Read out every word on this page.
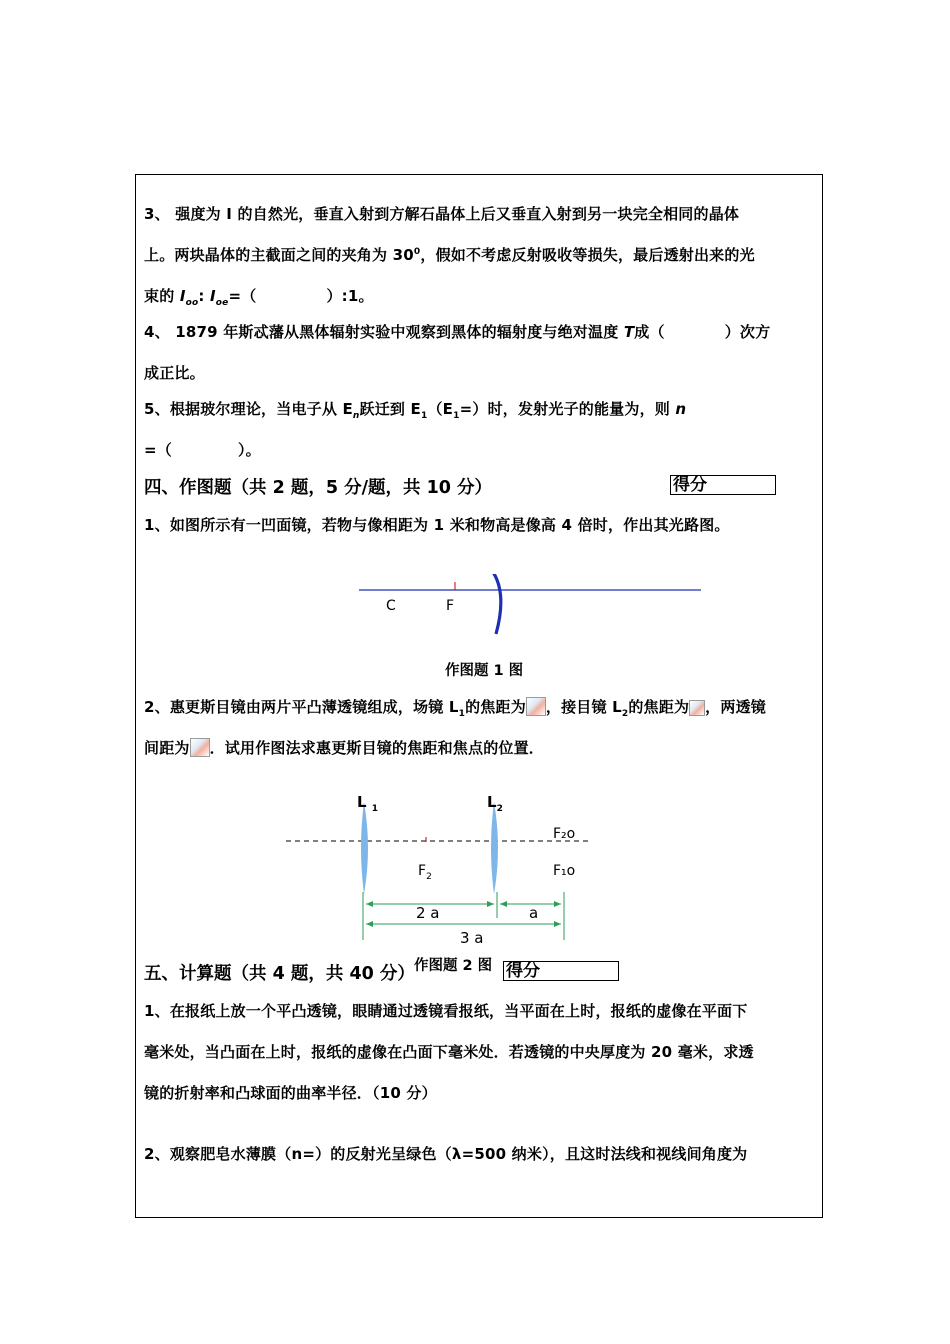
3、 强度为 I 的自然光，垂直入射到方解石晶体上后又垂直入射到另一块完全相同的晶体
上。两块晶体的主截面之间的夹角为 $30^0$，假如不考虑反射吸收等损失，最后透射出来的光
束的 $I_{oo}$: $I_{oe}=$（	）:1。
4、 1879 年斯忒藩从黑体辐射实验中观察到黑体的辐射度与绝对温度 T成（	）次方
成正比。
5、根据玻尔理论，当电子从 $E_n$跃迁到 $E_1(E_1=)$时，发射光子的能量为，则 n
=（	）。
四、作图题（共 2 题，5 分/题，共 10 分）	得分
1、如图所示有一凹面镜，若物与像相距为 1 米和物高是像高 4 倍时，作出其光路图。
C	F
作图题 1 图
2、惠更斯目镜由两片平凸薄透镜组成，场镜 $L_1$的焦距为 ，接目镜 $L_2$的焦距为 ，两透镜
间距为 ．试用作图法求惠更斯目镜的焦距和焦点的位置．
L $_1$	$L_2$
F₂o
$F_2$	F₁o
2 a	a
3 a
作图题 2 图
五、计算题（共 4 题，共 40 分）	得分
1、在报纸上放一个平凸透镜，眼睛通过透镜看报纸，当平面在上时，报纸的虚像在平面下
毫米处，当凸面在上时，报纸的虚像在凸面下毫米处．若透镜的中央厚度为 20 毫米，求透
镜的折射率和凸球面的曲率半径．（10 分）
2、观察肥皂水薄膜（n=）的反射光呈绿色（λ=500 纳米），且这时法线和视线间角度为
